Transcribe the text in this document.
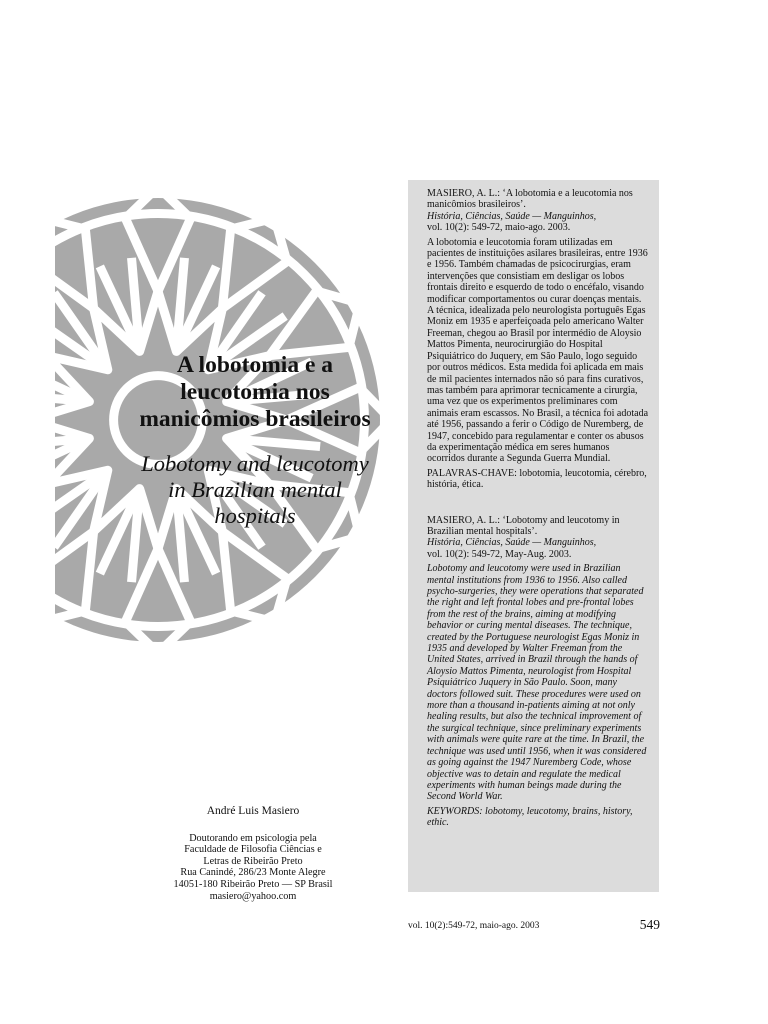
A lobotomia e a leucotomia nos manicômios brasileiros

Lobotomy and leucotomy in Brazilian mental hospitals

André Luis Masiero
Doutorando em psicologia pela
Faculdade de Filosofia Ciências e
Letras de Ribeirão Preto
Rua Canindé, 286/23 Monte Alegre
14051-180 Ribeirão Preto — SP Brasil
masiero@yahoo.com

MASIERO, A. L.: ‘A lobotomia e a leucotomia nos manicômios brasileiros’.

História, Ciências, Saúde — Manguinhos,

vol. 10(2): 549-72, maio-ago. 2003.

A lobotomia e leucotomia foram utilizadas em pacientes de instituições asilares brasileiras, entre 1936 e 1956. Também chamadas de psicocirurgias, eram intervenções que consistiam em desligar os lobos frontais direito e esquerdo de todo o encéfalo, visando modificar comportamentos ou curar doenças mentais. A técnica, idealizada pelo neurologista português Egas Moniz em 1935 e aperfeiçoada pelo americano Walter Freeman, chegou ao Brasil por intermédio de Aloysio Mattos Pimenta, neurocirurgião do Hospital Psiquiátrico do Juquery, em São Paulo, logo seguido por outros médicos. Esta medida foi aplicada em mais de mil pacientes internados não só para fins curativos, mas também para aprimorar tecnicamente a cirurgia, uma vez que os experimentos preliminares com animais eram escassos. No Brasil, a técnica foi adotada até 1956, passando a ferir o Código de Nuremberg, de 1947, concebido para regulamentar e conter os abusos da experimentação médica em seres humanos ocorridos durante a Segunda Guerra Mundial.

PALAVRAS-CHAVE: lobotomia, leucotomia, cérebro, história, ética.

MASIERO, A. L.: ‘Lobotomy and leucotomy in Brazilian mental hospitals’.

História, Ciências, Saúde — Manguinhos,

vol. 10(2): 549-72, May-Aug. 2003.

Lobotomy and leucotomy were used in Brazilian mental institutions from 1936 to 1956. Also called psycho-surgeries, they were operations that separated the right and left frontal lobes and pre-frontal lobes from the rest of the brains, aiming at modifying behavior or curing mental diseases. The technique, created by the Portuguese neurologist Egas Moniz in 1935 and developed by Walter Freeman from the United States, arrived in Brazil through the hands of Aloysio Mattos Pimenta, neurologist from Hospital Psiquiátrico Juquery in São Paulo. Soon, many doctors followed suit. These procedures were used on more than a thousand in-patients aiming at not only healing results, but also the technical improvement of the surgical technique, since preliminary experiments with animals were quite rare at the time. In Brazil, the technique was used until 1956, when it was considered as going against the 1947 Nuremberg Code, whose objective was to detain and regulate the medical experiments with human beings made during the Second World War.

KEYWORDS: lobotomy, leucotomy, brains, history, ethic.

vol. 10(2):549-72, maio-ago. 2003	549
